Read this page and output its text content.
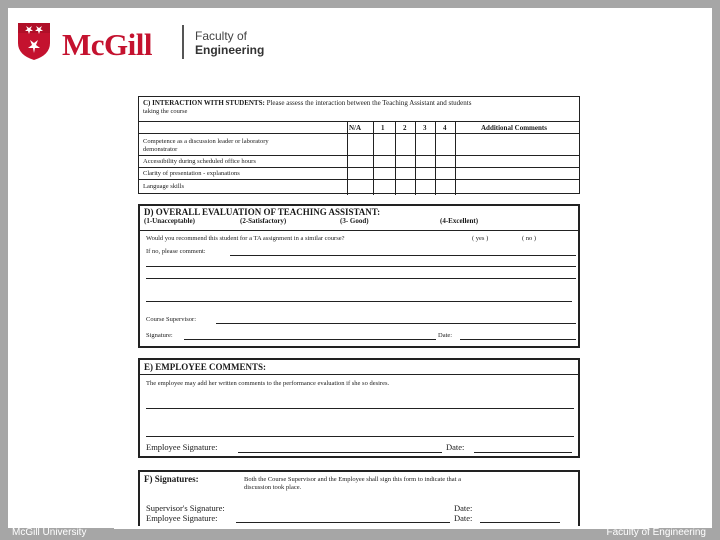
McGill	Faculty of
Engineering
C) INTERACTION WITH STUDENTS: Please assess the interaction between the Teaching Assistant and students
taking the course
N/A	1	2 3 4	Additional Comments
Competence as a discussion leader or laboratory
demonstrator
Accessibility during scheduled office hours
Clarity of presentation - explanations
Language skills
D) OVERALL EVALUATION OF TEACHING ASSISTANT:
(1-Unacceptable)	(2-Satisfactory)	(3- Good)	(4-Excellent)
Would you recommend this student for a TA assignment in a similar course?	( yes )	( no )
If no, please comment:
Course Supervisor:
Signature:	Date:
E) EMPLOYEE COMMENTS:
The employee may add her written comments to the performance evaluation if she so desires.
Employee Signature:	Date:
F) Signatures:	Both the Course Supervisor and the Employee shall sign this form to indicate that a
discussion took place.
Supervisor's Signature:	Date:
Employee Signature:	Date:
McGill University	Faculty of Engineering
